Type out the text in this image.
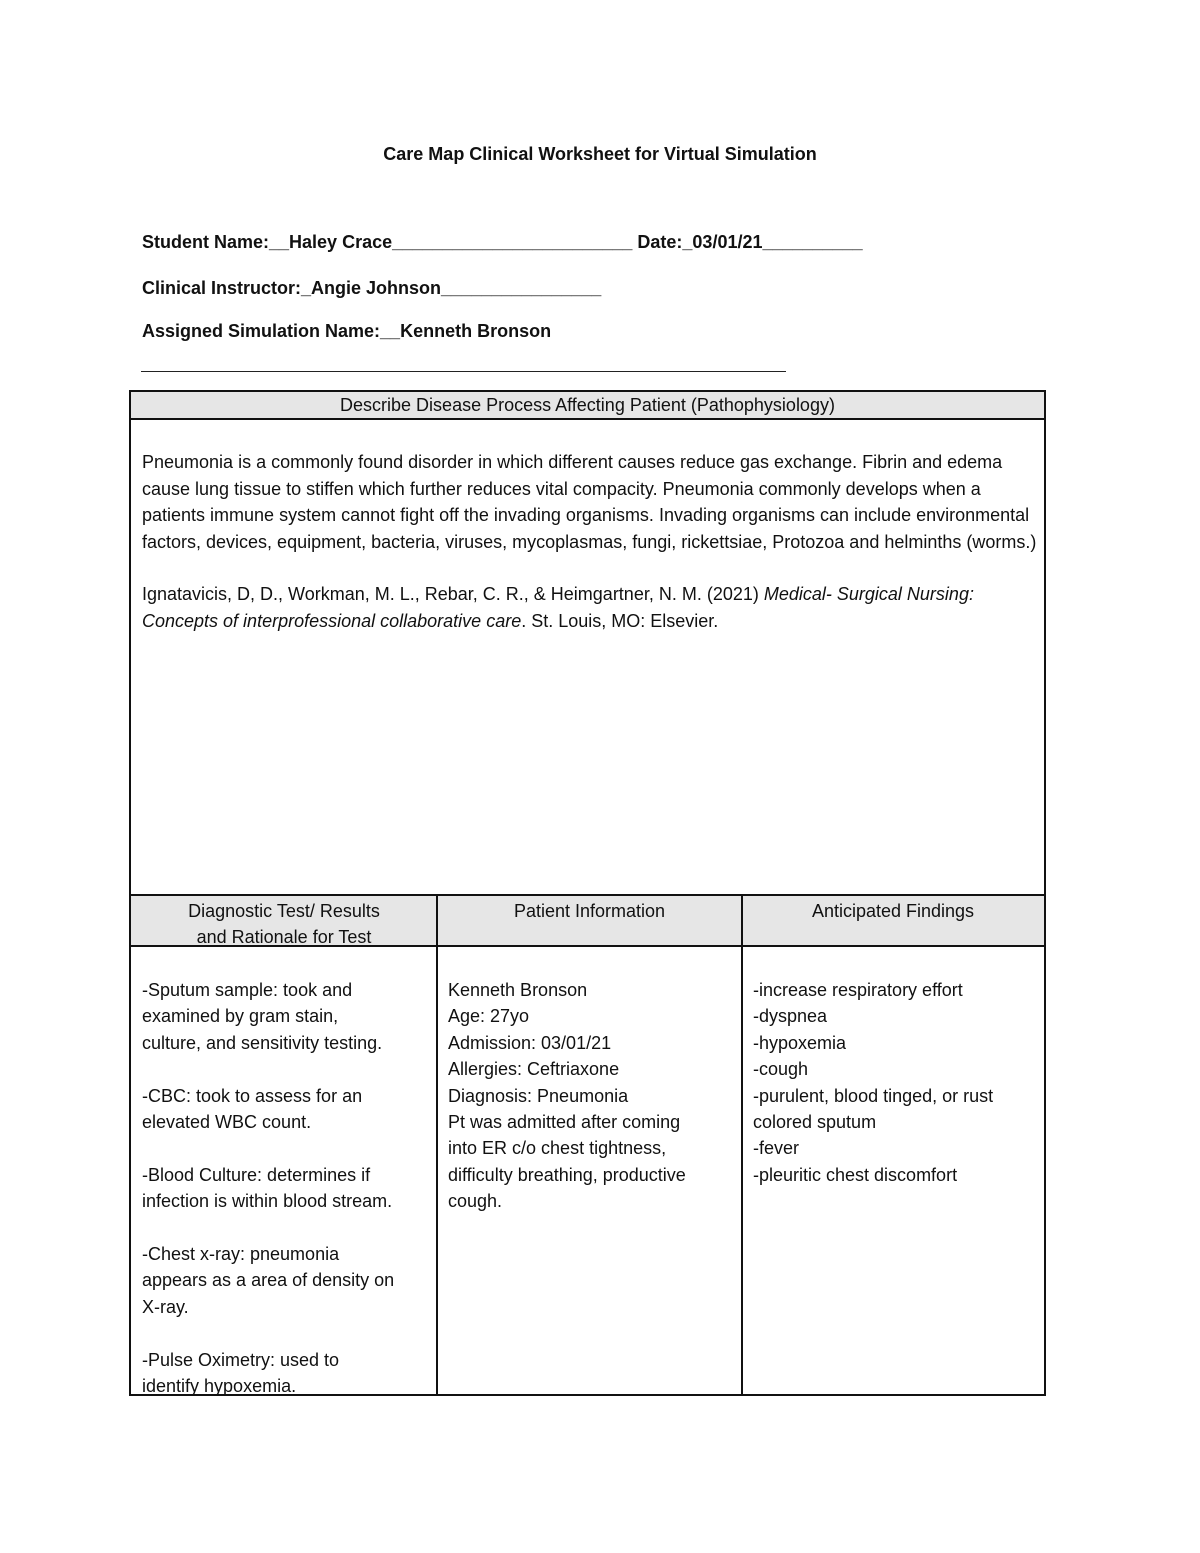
Care Map Clinical Worksheet for Virtual Simulation
Student Name:__Haley Crace________________________ Date:_03/01/21__________
Clinical Instructor:_Angie Johnson________________
Assigned Simulation Name:__Kenneth Bronson
Describe Disease Process Affecting Patient (Pathophysiology)

Pneumonia is a commonly found disorder in which different causes reduce gas exchange. Fibrin and edema cause lung tissue to stiffen which further reduces vital compacity. Pneumonia commonly develops when a patients immune system cannot fight off the invading organisms. Invading organisms can include environmental factors, devices, equipment, bacteria, viruses, mycoplasmas, fungi, rickettsiae, Protozoa and helminths (worms.)

Ignatavicis, D, D., Workman, M. L., Rebar, C. R., & Heimgartner, N. M. (2021) Medical- Surgical Nursing: Concepts of interprofessional collaborative care. St. Louis, MO: Elsevier.

Diagnostic Test/ Results
and Rationale for Test
Patient Information	Anticipated Findings
-Sputum sample: took and
examined by gram stain,
culture, and sensitivity testing.
-CBC: took to assess for an
elevated WBC count.
-Blood Culture: determines if
infection is within blood stream.
-Chest x-ray: pneumonia
appears as a area of density on
X-ray.
-Pulse Oximetry: used to
identify hypoxemia.
Kenneth Bronson
Age: 27yo
Admission: 03/01/21
Allergies: Ceftriaxone
Diagnosis: Pneumonia
Pt was admitted after coming
into ER c/o chest tightness,
difficulty breathing, productive
cough.
-increase respiratory effort
-dyspnea
-hypoxemia
-cough
-purulent, blood tinged, or rust
colored sputum
-fever
-pleuritic chest discomfort
